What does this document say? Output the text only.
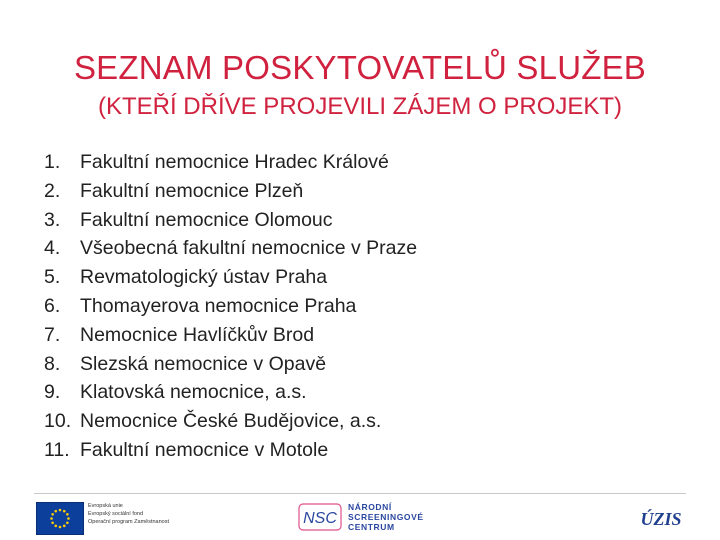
SEZNAM POSKYTOVATELŮ SLUŽEB
(KTEŘÍ DŘÍVE PROJEVILI ZÁJEM O PROJEKT)
1. Fakultní nemocnice Hradec Králové
2. Fakultní nemocnice Plzeň
3. Fakultní nemocnice Olomouc
4. Všeobecná fakultní nemocnice v Praze
5. Revmatologický ústav Praha
6. Thomayerova nemocnice Praha
7. Nemocnice Havlíčkův Brod
8. Slezská nemocnice v Opavě
9. Klatovská nemocnice, a.s.
10. Nemocnice České Budějovice, a.s.
11. Fakultní nemocnice v Motole
Evropská unie
Evropský sociální fond
Operační program Zaměstnanost	NSC
NÁRODNÍ
SCREENINGOVÉ
CENTRUM	ÚZIS
